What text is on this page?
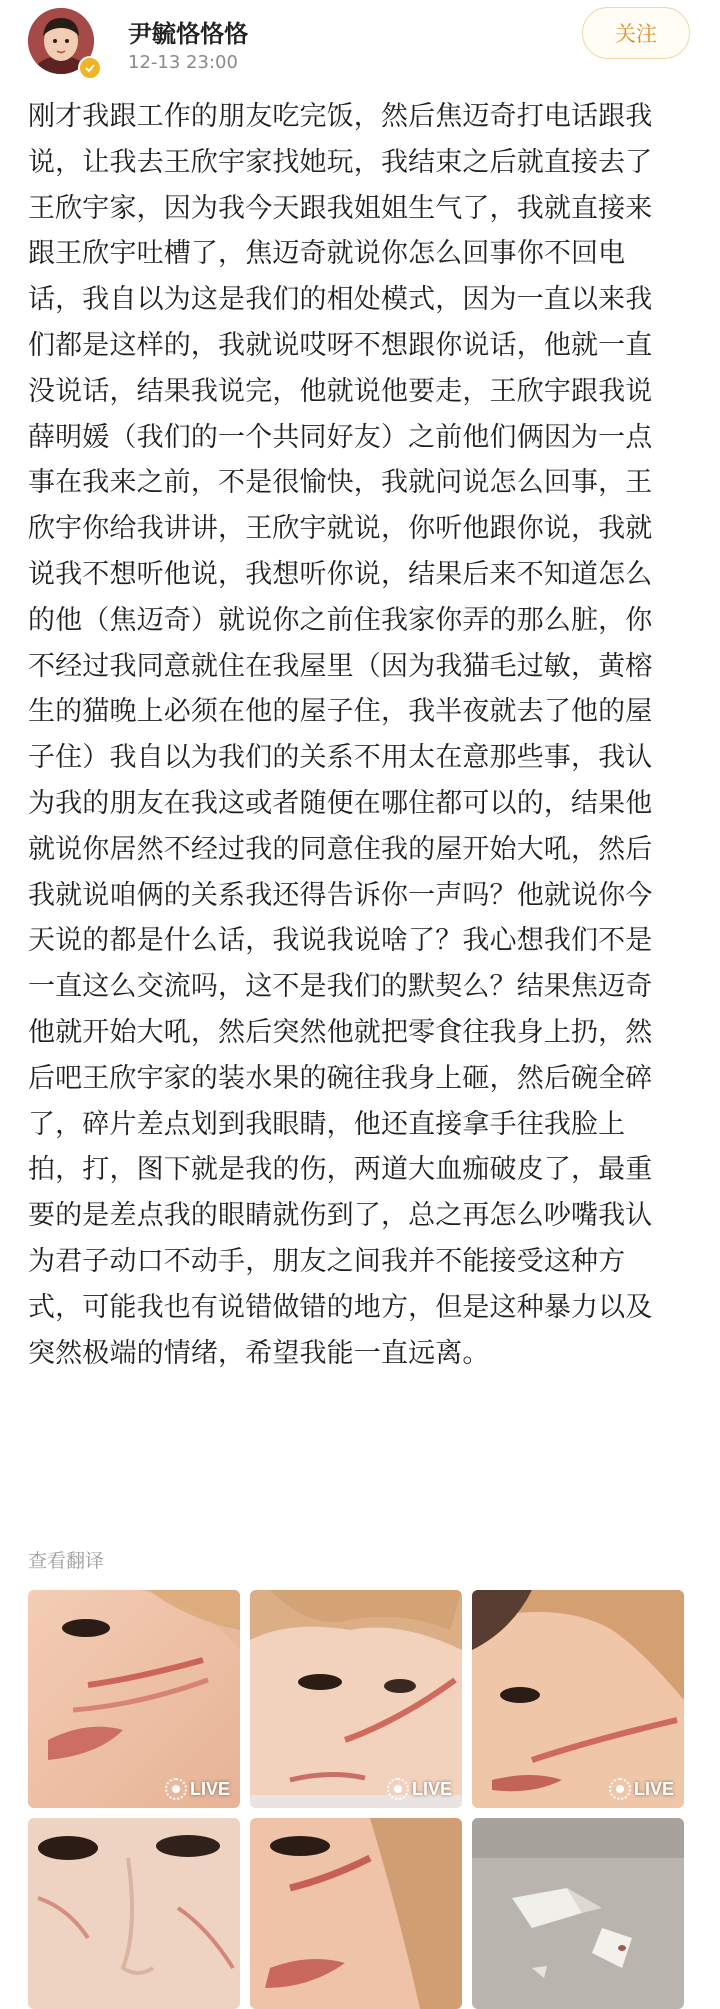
尹毓恪恪恪
12-13 23:00
关注
刚才我跟工作的朋友吃完饭，然后焦迈奇打电话跟我
说，让我去王欣宇家找她玩，我结束之后就直接去了
王欣宇家，因为我今天跟我姐姐生气了，我就直接来
跟王欣宇吐槽了，焦迈奇就说你怎么回事你不回电
话，我自以为这是我们的相处模式，因为一直以来我
们都是这样的，我就说哎呀不想跟你说话，他就一直
没说话，结果我说完，他就说他要走，王欣宇跟我说
薛明媛（我们的一个共同好友）之前他们俩因为一点
事在我来之前，不是很愉快，我就问说怎么回事，王
欣宇你给我讲讲，王欣宇就说，你听他跟你说，我就
说我不想听他说，我想听你说，结果后来不知道怎么
的他（焦迈奇）就说你之前住我家你弄的那么脏，你
不经过我同意就住在我屋里（因为我猫毛过敏，黄榕
生的猫晚上必须在他的屋子住，我半夜就去了他的屋
子住）我自以为我们的关系不用太在意那些事，我认
为我的朋友在我这或者随便在哪住都可以的，结果他
就说你居然不经过我的同意住我的屋开始大吼，然后
我就说咱俩的关系我还得告诉你一声吗？他就说你今
天说的都是什么话，我说我说啥了？我心想我们不是
一直这么交流吗，这不是我们的默契么？结果焦迈奇
他就开始大吼，然后突然他就把零食往我身上扔，然
后吧王欣宇家的装水果的碗往我身上砸，然后碗全碎
了，碎片差点划到我眼睛，他还直接拿手往我脸上
拍，打，图下就是我的伤，两道大血痂破皮了，最重
要的是差点我的眼睛就伤到了，总之再怎么吵嘴我认
为君子动口不动手，朋友之间我并不能接受这种方
式，可能我也有说错做错的地方，但是这种暴力以及
突然极端的情绪，希望我能一直远离。
查看翻译
LIVE	LIVE	LIVE
